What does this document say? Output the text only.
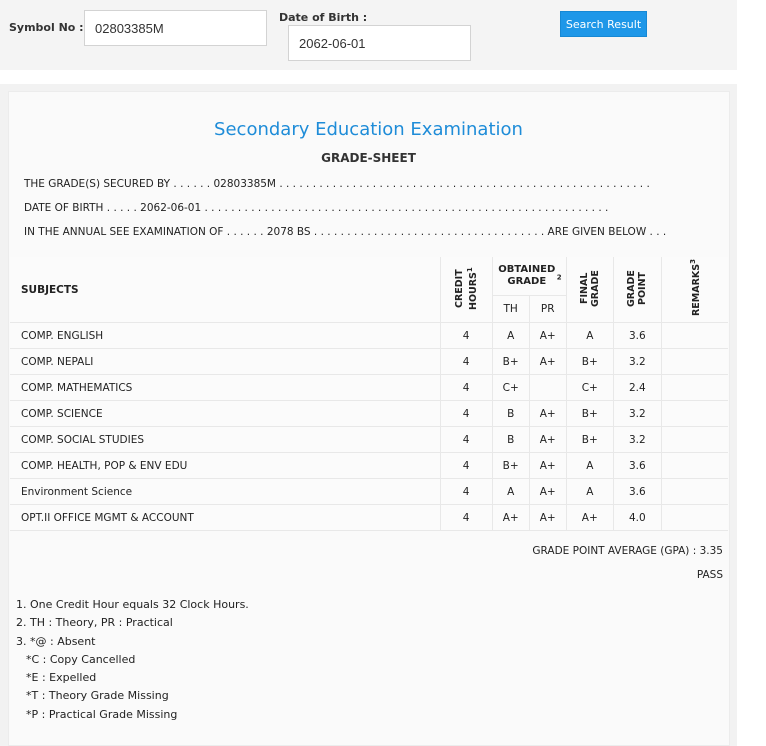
Symbol No :
02803385M
Date of Birth :
2062-06-01
Search Result
Secondary Education Examination
GRADE-SHEET
THE GRADE(S) SECURED BY . . . . . . 02803385M . . . . . . . . . . . . . . . . . . . . . . . . . . . . . . . . . . . . . . . . . . . . . . . . . . . . . . . .
DATE OF BIRTH . . . . . 2062-06-01 . . . . . . . . . . . . . . . . . . . . . . . . . . . . . . . . . . . . . . . . . . . . . . . . . . . . . . . . . . . . .
IN THE ANNUAL SEE EXAMINATION OF . . . . . . 2078 BS . . . . . . . . . . . . . . . . . . . . . . . . . . . . . . . . . . . ARE GIVEN BELOW . . .
SUBJECTS	CREDIT HOURS$^1$	OBTAINED GRADE $^2$		FINAL GRADE	GRADE POINT	REMARKS$^3$
		TH	PR			
COMP. ENGLISH	4	A	A+	A	3.6	
COMP. NEPALI	4	B+	A+	B+	3.2	
COMP. MATHEMATICS	4	C+		C+	2.4	
COMP. SCIENCE	4	B	A+	B+	3.2	
COMP. SOCIAL STUDIES	4	B	A+	B+	3.2	
COMP. HEALTH, POP & ENV EDU	4	B+	A+	A	3.6	
Environment Science	4	A	A+	A	3.6	
OPT.II OFFICE MGMT & ACCOUNT	4	A+	A+	A+	4.0	
GRADE POINT AVERAGE (GPA) : 3.35
PASS
1. One Credit Hour equals 32 Clock Hours.
2. TH : Theory, PR : Practical
3. *@ : Absent
*C : Copy Cancelled
*E : Expelled
*T : Theory Grade Missing
*P : Practical Grade Missing
